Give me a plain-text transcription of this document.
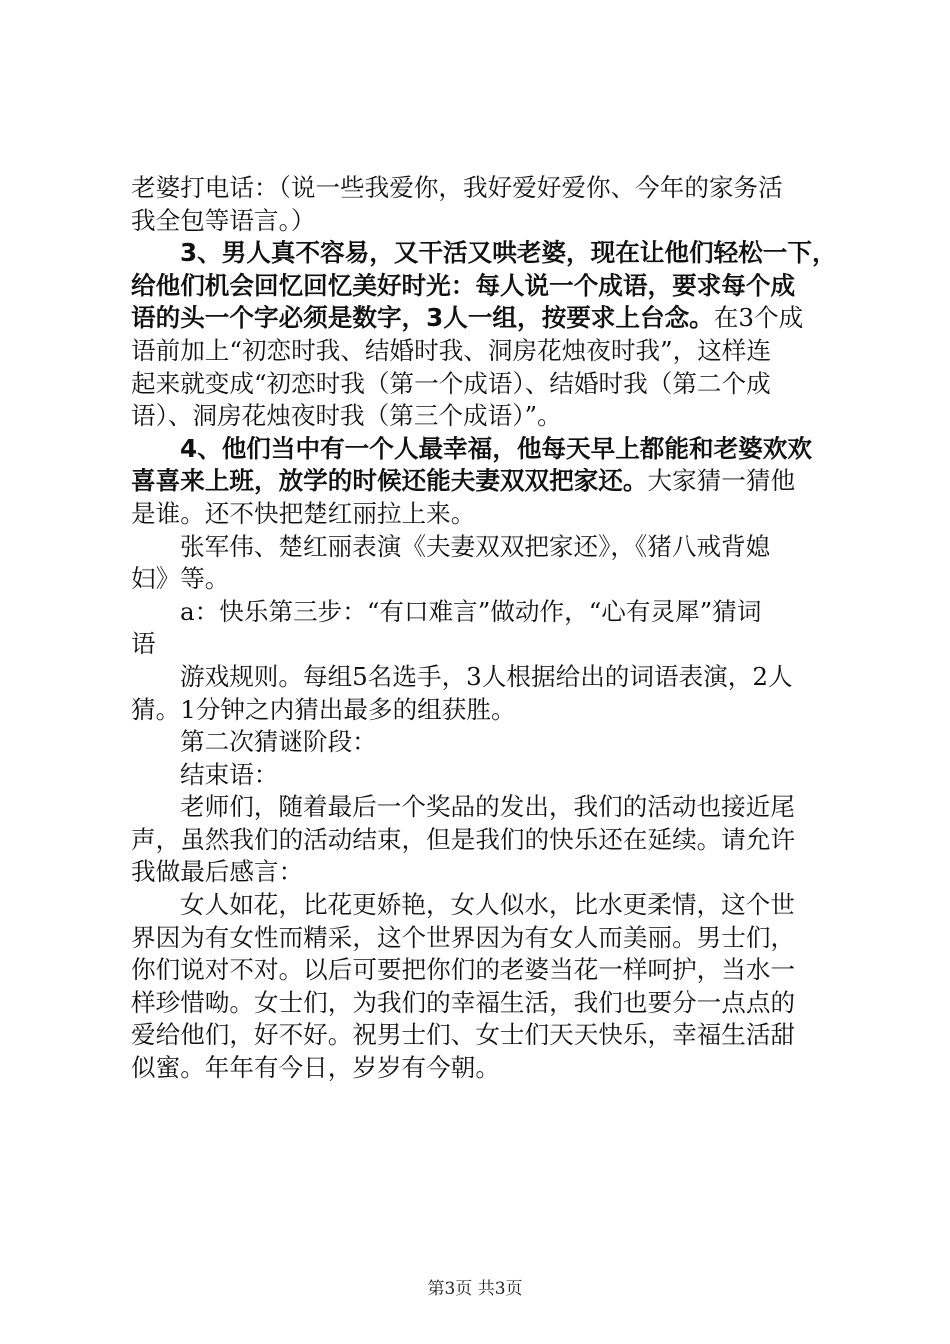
老婆打电话：（说一些我爱你，我好爱好爱你、今年的家务活
我全包等语言。）
3、男人真不容易，又干活又哄老婆，现在让他们轻松一下，
给他们机会回忆回忆美好时光：每人说一个成语，要求每个成
语的头一个字必须是数字，3人一组，按要求上台念。在3个成
语前加上“初恋时我、结婚时我、洞房花烛夜时我”，这样连
起来就变成“初恋时我（第一个成语）、结婚时我（第二个成
语）、洞房花烛夜时我（第三个成语）”。
4、他们当中有一个人最幸福，他每天早上都能和老婆欢欢
喜喜来上班，放学的时候还能夫妻双双把家还。大家猜一猜他
是谁。还不快把楚红丽拉上来。
张军伟、楚红丽表演《夫妻双双把家还》，《猪八戒背媳
妇》等。
a：快乐第三步：“有口难言”做动作，“心有灵犀”猜词
语
游戏规则。每组5名选手，3人根据给出的词语表演，2人
猜。1分钟之内猜出最多的组获胜。
第二次猜谜阶段：
结束语：
老师们，随着最后一个奖品的发出，我们的活动也接近尾
声，虽然我们的活动结束，但是我们的快乐还在延续。请允许
我做最后感言：
女人如花，比花更娇艳，女人似水，比水更柔情，这个世
界因为有女性而精采，这个世界因为有女人而美丽。男士们，
你们说对不对。以后可要把你们的老婆当花一样呵护，当水一
样珍惜呦。女士们，为我们的幸福生活，我们也要分一点点的
爱给他们，好不好。祝男士们、女士们天天快乐，幸福生活甜
似蜜。年年有今日，岁岁有今朝。
第3页 共3页
